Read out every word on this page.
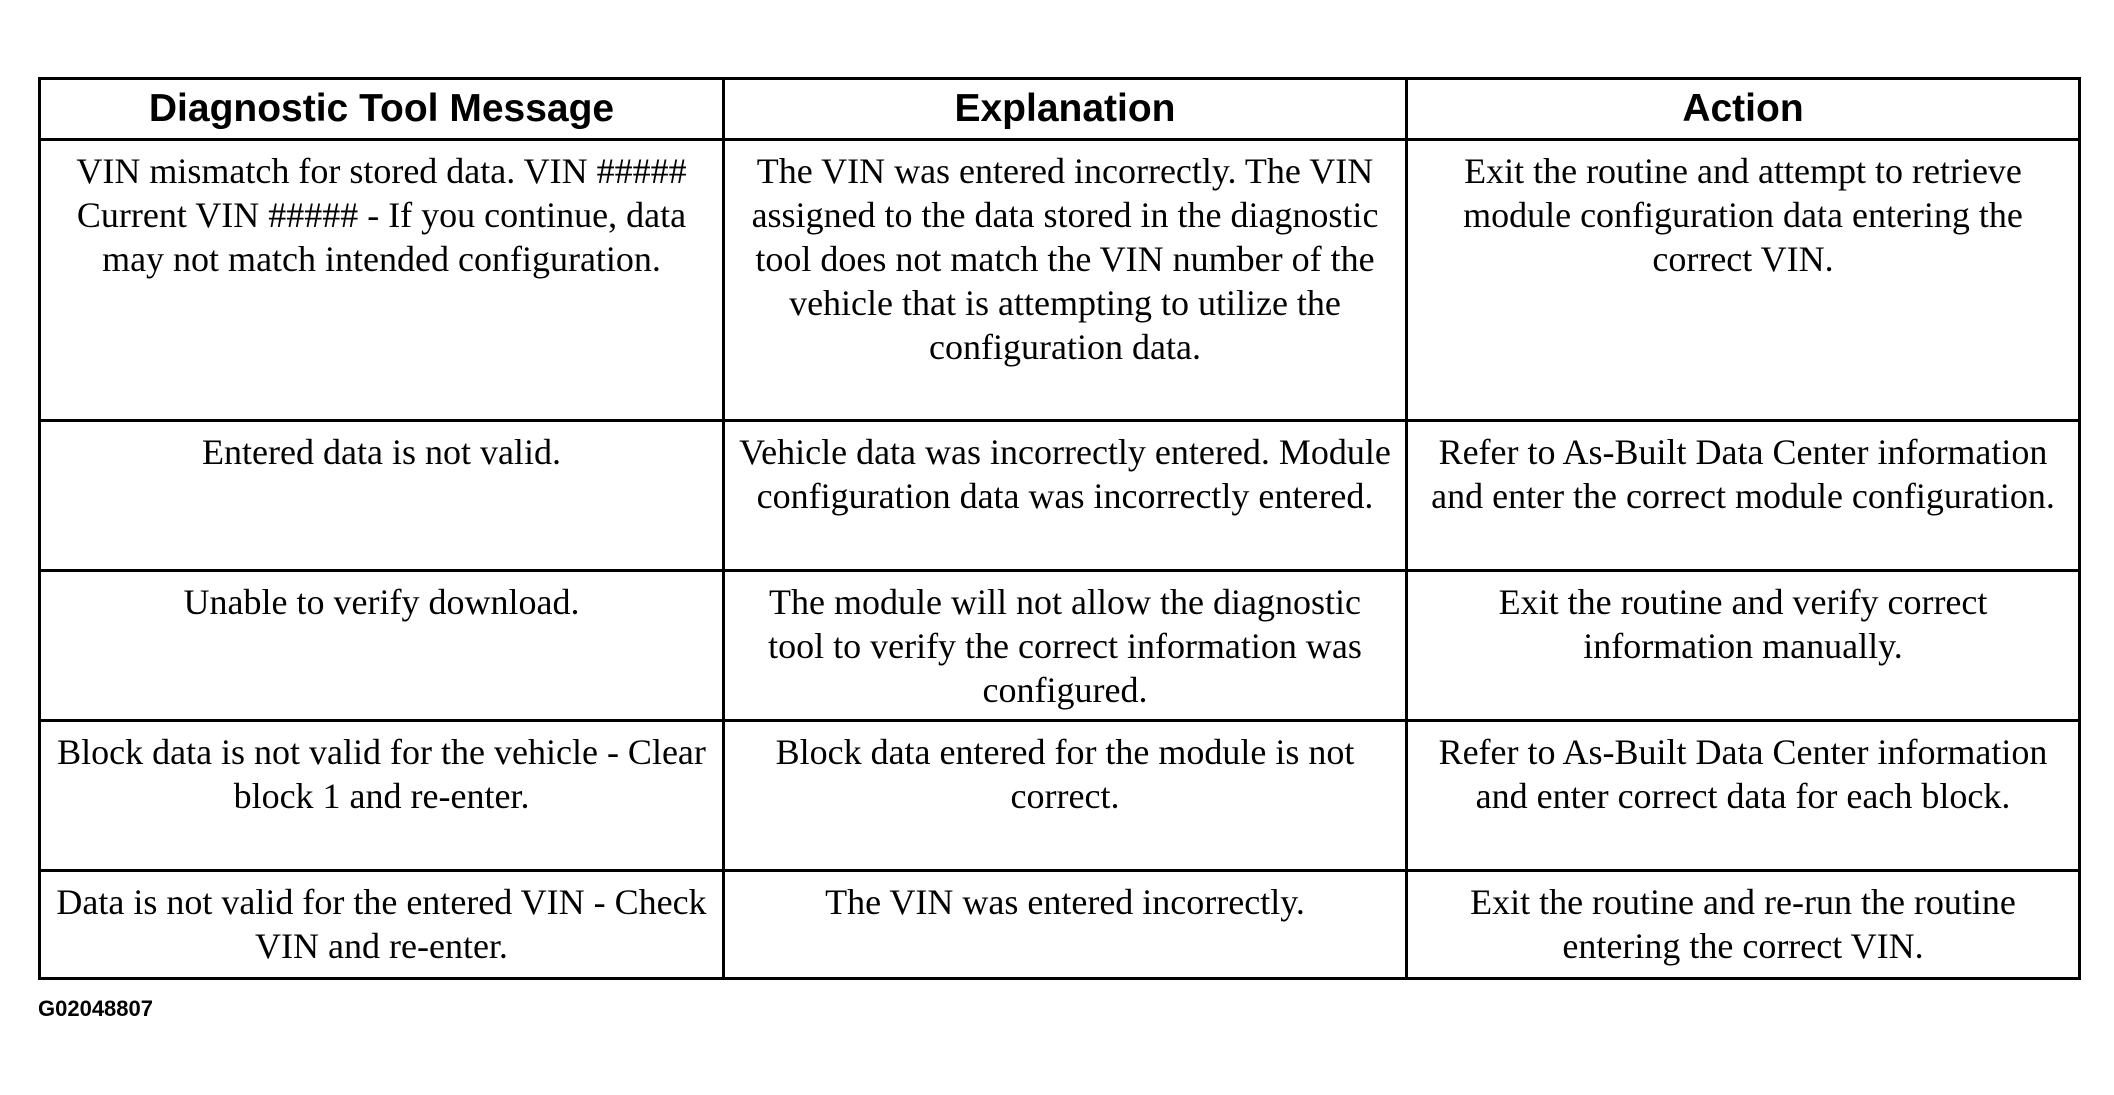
Diagnostic Tool Message	Explanation	Action
VIN mismatch for stored data. VIN ##### Current VIN ##### - If you continue, data may not match intended configuration.	The VIN was entered incorrectly. The VIN assigned to the data stored in the diagnostic tool does not match the VIN number of the vehicle that is attempting to utilize the configuration data.	Exit the routine and attempt to retrieve module configuration data entering the correct VIN.
Entered data is not valid.	Vehicle data was incorrectly entered. Module configuration data was incorrectly entered.	Refer to As-Built Data Center information and enter the correct module configuration.
Unable to verify download.	The module will not allow the diagnostic tool to verify the correct information was configured.	Exit the routine and verify correct information manually.
Block data is not valid for the vehicle - Clear block 1 and re-enter.	Block data entered for the module is not correct.	Refer to As-Built Data Center information and enter correct data for each block.
Data is not valid for the entered VIN - Check VIN and re-enter.	The VIN was entered incorrectly.	Exit the routine and re-run the routine entering the correct VIN.
G02048807
